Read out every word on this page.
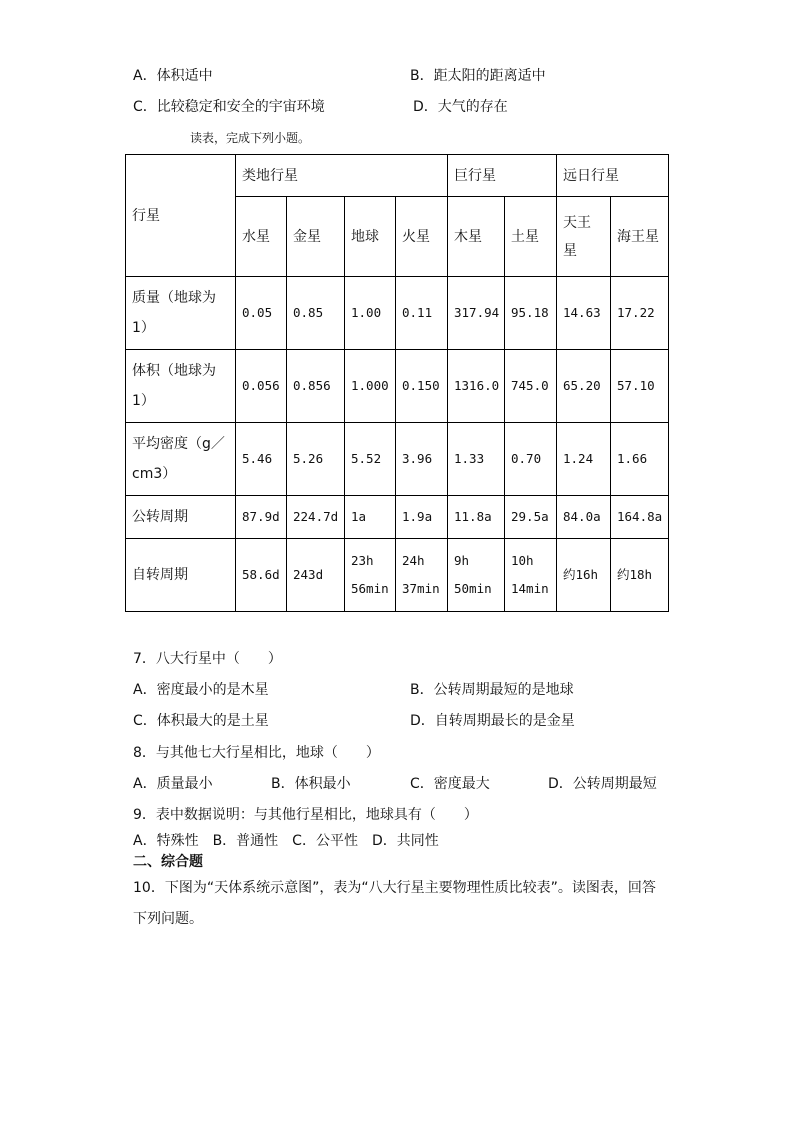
A．体积适中	B．距太阳的距离适中
C．比较稳定和安全的宇宙环境	D．大气的存在
读表，完成下列小题。
行星	类地行星				巨行星		远日行星	
	水星	金星	地球	火星	木星	土星	天王星	海王星
质量（地球为1）	0.05	0.85	1.00	0.11	317.94	95.18	14.63	17.22
体积（地球为1）	0.056	0.856	1.000	0.150	1316.0	745.0	65.20	57.10
平均密度（g／cm3）	5.46	5.26	5.52	3.96	1.33	0.70	1.24	1.66
公转周期	87.9d	224.7d	1a	1.9a	11.8a	29.5a	84.0a	164.8a
自转周期	58.6d	243d	23h 56min	24h 37min	9h 50min	10h 14min	约16h	约18h
7．八大行星中（　　）
A．密度最小的是木星	B．公转周期最短的是地球
C．体积最大的是土星	D．自转周期最长的是金星
8．与其他七大行星相比，地球（　　）
A．质量最小	B．体积最小	C．密度最大	D．公转周期最短
9．表中数据说明：与其他行星相比，地球具有（　　）
A．特殊性　B．普通性　C．公平性　D．共同性
二、综合题
10．下图为“天体系统示意图”，表为“八大行星主要物理性质比较表”。读图表，回答
下列问题。
